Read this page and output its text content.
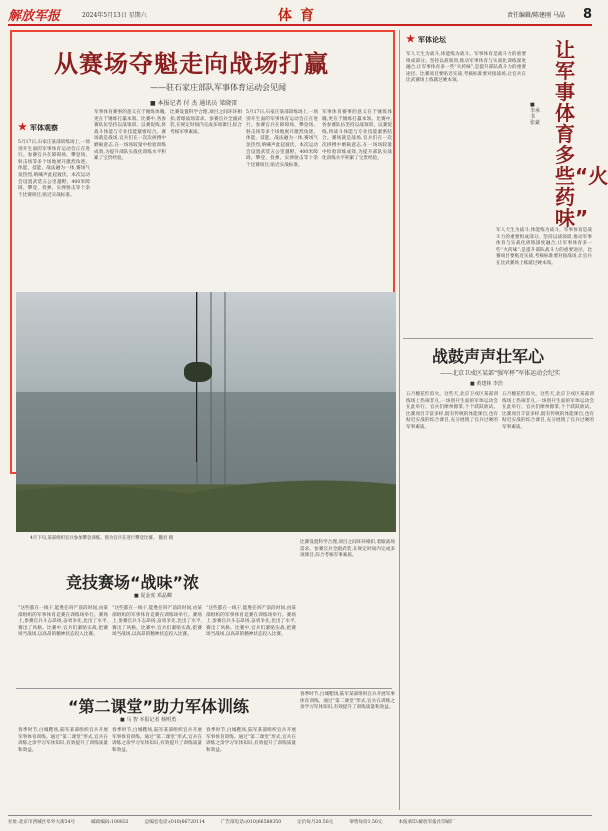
解放军报	2024年5月13日 星期六	体育	责任编辑/陈建刚 马晶 8
从赛场夺魁走向战场打赢
——驻石家庄部队军事体育运动会见闻
■ 本报记者 付 杰 通讯员 梁晓雷
★ 军体观察
5月17日,石家庄某部训练场上,一场别开生面的军事体育运动会正在进行。参赛官兵在障碍场、攀登场、射击场等多个场地展开激烈角逐。体能、技能、战法融为一体,赛场气氛热烈,呐喊声此起彼伏。本次运动会设置武装五公里越野、400米障碍、攀登、投弹、实弹射击等十余个比赛项目,贴近实战标准。
军事体育赛事的意义在于锤炼体魄,更在于锤炼打赢本领。比赛中,各参赛队伍坚持以战领训、以赛促练,将战斗体能与专业技能紧密结合。赛场就是战场,官兵们在一次次拼搏中磨砺意志,在一场场较量中检验训练成效,为提升部队实战化训练水平积累了宝贵经验。
比赛设置科学合理,项目之间环环相扣,着眼战场需求。参赛官兵全副武装,在规定时间内完成多项课目,综合考核军事素质。
5月17日,石家庄某部训练场上,一场别开生面的军事体育运动会正在进行。参赛官兵在障碍场、攀登场、射击场等多个场地展开激烈角逐。体能、技能、战法融为一体,赛场气氛热烈,呐喊声此起彼伏。本次运动会设置武装五公里越野、400米障碍、攀登、投弹、实弹射击等十余个比赛项目,贴近实战标准。
军事体育赛事的意义在于锤炼体魄,更在于锤炼打赢本领。比赛中,各参赛队伍坚持以战领训、以赛促练,将战斗体能与专业技能紧密结合。赛场就是战场,官兵们在一次次拼搏中磨砺意志,在一场场较量中检验训练成效,为提升部队实战化训练水平积累了宝贵经验。
4月下旬,某部组织官兵参加攀登训练。图为官兵在进行攀登比赛。 魏君 摄
比赛设置科学合理,项目之间环环相扣,着眼战场需求。参赛官兵全副武装,在规定时间内完成多项课目,综合考核军事素质。
竞技赛场“战味”浓
■ 夏金虎 邓晶卿
“这些都在一线干,能胜任吗?”前段时间,由某部组织的军事体育竞赛在训练场举行。赛场上,参赛官兵斗志昂扬,奋勇争先,比出了水平,赛出了风格。比赛中,官兵们紧贴实战,把赛场当战场,以高昂的精神状态投入比赛。
“这些都在一线干,能胜任吗?”前段时间,由某部组织的军事体育竞赛在训练场举行。赛场上,参赛官兵斗志昂扬,奋勇争先,比出了水平,赛出了风格。比赛中,官兵们紧贴实战,把赛场当战场,以高昂的精神状态投入比赛。
“这些都在一线干,能胜任吗?”前段时间,由某部组织的军事体育竞赛在训练场举行。赛场上,参赛官兵斗志昂扬,奋勇争先,比出了水平,赛出了风格。比赛中,官兵们紧贴实战,把赛场当战场,以高昂的精神状态投入比赛。
“第二课堂”助力军体训练
■ 马 智 本报记者 杨明勇
春季时节,白城靶场,陆军某部组织官兵开展军事体育训练。通过“第二课堂”形式,官兵在训练之余学习军体知识,有效提升了训练质量和效益。
春季时节,白城靶场,陆军某部组织官兵开展军事体育训练。通过“第二课堂”形式,官兵在训练之余学习军体知识,有效提升了训练质量和效益。
春季时节,白城靶场,陆军某部组织官兵开展军事体育训练。通过“第二课堂”形式,官兵在训练之余学习军体知识,有效提升了训练质量和效益。
春季时节,白城靶场,陆军某部组织官兵开展军事体育训练。通过“第二课堂”形式,官兵在训练之余学习军体知识,有效提升了训练质量和效益。
★ 军体论坛	让军事体育多些“火药味”
■ 李承书 张豪
军人天生为战斗,体能练为战斗。军事体育是战斗力的重要组成部分。坚持以战领训,推动军事体育与实战化训练深度融合,让军事体育多一些“火药味”,是提升部队战斗力的重要途径。比赛项目要贴近实战,考核标准要对接战场,让官兵在比武赛场上练就过硬本领。
军人天生为战斗,体能练为战斗。军事体育是战斗力的重要组成部分。坚持以战领训,推动军事体育与实战化训练深度融合,让军事体育多一些“火药味”,是提升部队战斗力的重要途径。比赛项目要贴近实战,考核标准要对接战场,让官兵在比武赛场上练就过硬本领。
战鼓声声壮军心
——北京卫戍区某部“强军杯”军体运动会纪实
■ 黄建林 李浩
五月榴花红似火。这些天,北京卫戍区某部训练场上热闹非凡,一场别开生面的军体运动会在此举行。官兵们摩拳擦掌,个个跃跃欲试。比赛项目丰富多样,既有传统的体能课目,也有贴近实战的综合课目,充分展现了官兵过硬的军事素质。
五月榴花红似火。这些天,北京卫戍区某部训练场上热闹非凡,一场别开生面的军体运动会在此举行。官兵们摩拳擦掌,个个跃跃欲试。比赛项目丰富多样,既有传统的体能课目,也有贴近实战的综合课目,充分展现了官兵过硬的军事素质。
社址:北京市西城区阜外大街34号	邮政编码:100832	总编室电话:(010)66720114	广告部电话:(010)66588350	定价每月20.50元	零售每份1.50元	本报承印:解放军报社印刷厂
